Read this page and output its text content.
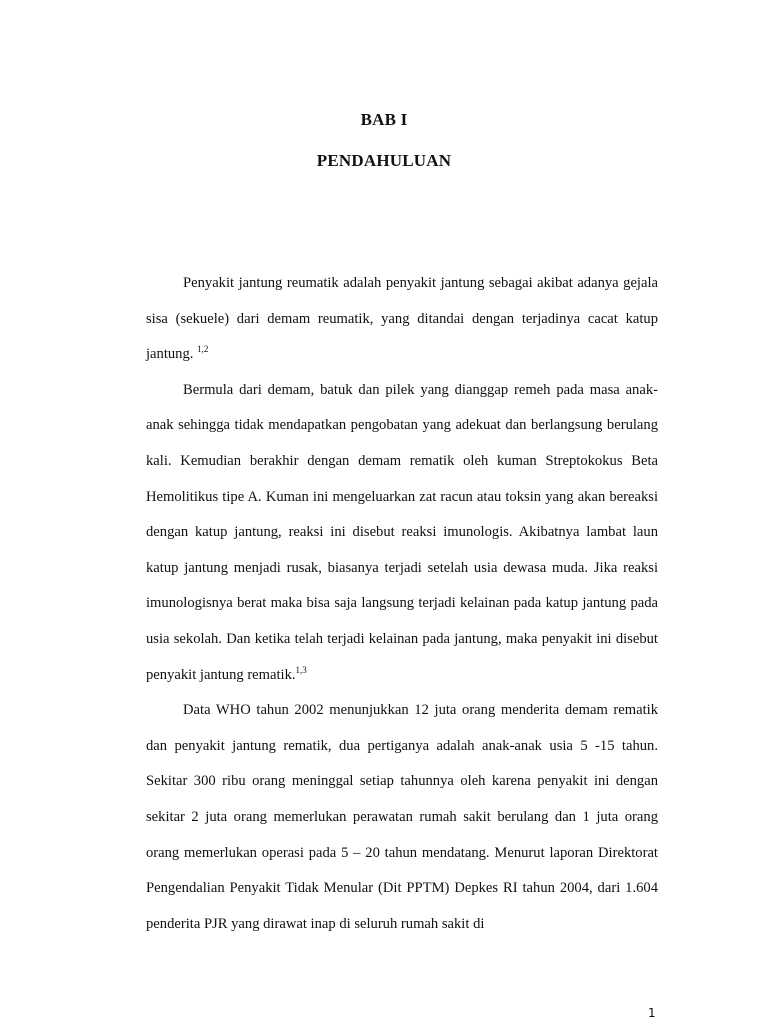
BAB I
PENDAHULUAN

Penyakit jantung reumatik adalah penyakit jantung sebagai akibat adanya gejala sisa (sekuele) dari demam reumatik, yang ditandai dengan terjadinya cacat katup jantung. $^{1,2}$

Bermula dari demam, batuk dan pilek yang dianggap remeh pada masa anak- anak sehingga tidak mendapatkan pengobatan yang adekuat dan berlangsung berulang kali. Kemudian berakhir dengan demam rematik oleh kuman Streptokokus Beta Hemolitikus tipe A. Kuman ini mengeluarkan zat racun atau toksin yang akan bereaksi dengan katup jantung, reaksi ini disebut reaksi imunologis. Akibatnya lambat laun katup jantung menjadi rusak, biasanya terjadi setelah usia dewasa muda. Jika reaksi imunologisnya berat maka bisa saja langsung terjadi kelainan pada katup jantung pada usia sekolah. Dan ketika telah terjadi kelainan pada jantung, maka penyakit ini disebut penyakit jantung rematik.$^{1,3}$

Data WHO tahun 2002 menunjukkan 12 juta orang menderita demam rematik dan penyakit jantung rematik, dua pertiganya adalah anak-anak usia 5 -15 tahun. Sekitar 300 ribu orang meninggal setiap tahunnya oleh karena penyakit ini dengan sekitar 2 juta orang memerlukan perawatan rumah sakit berulang dan 1 juta orang orang memerlukan operasi pada 5 – 20 tahun mendatang. Menurut laporan Direktorat Pengendalian Penyakit Tidak Menular (Dit PPTM) Depkes RI tahun 2004, dari 1.604 penderita PJR yang dirawat inap di seluruh rumah sakit di

1
